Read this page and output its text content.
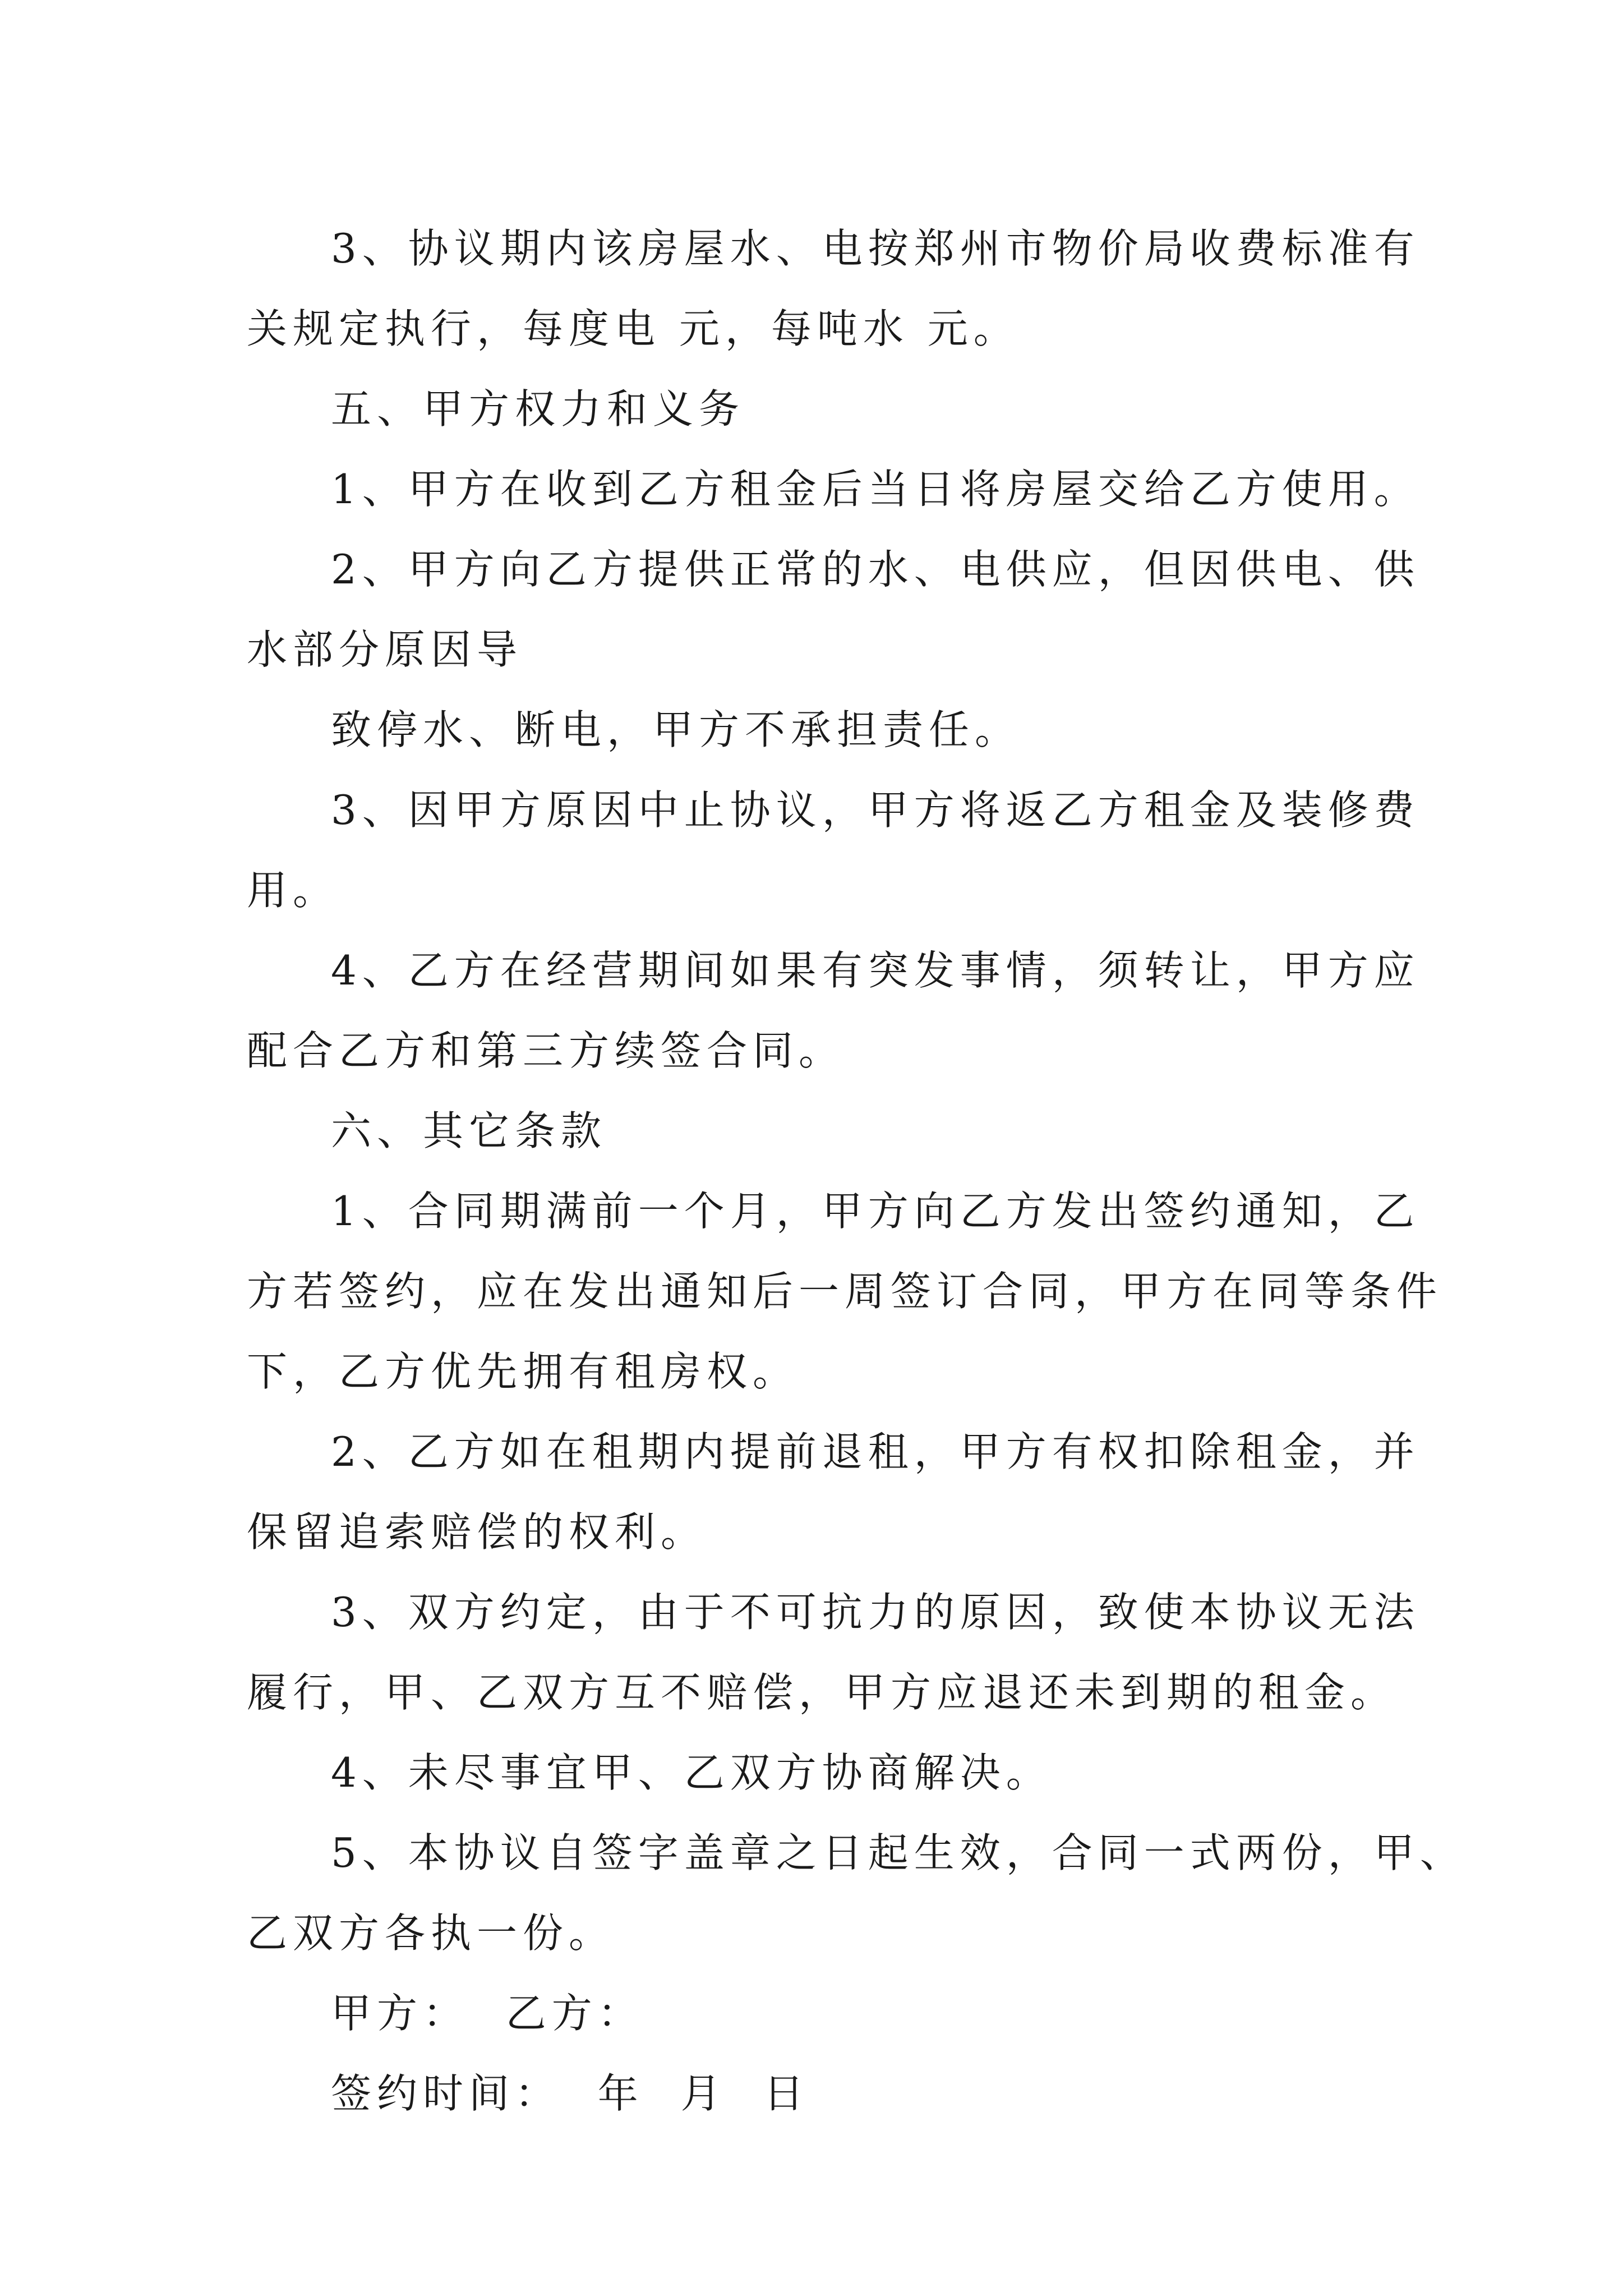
3、协议期内该房屋水、电按郑州市物价局收费标准有
关规定执行，每度电 元，每吨水 元。
五、甲方权力和义务
1、甲方在收到乙方租金后当日将房屋交给乙方使用。
2、甲方向乙方提供正常的水、电供应，但因供电、供
水部分原因导
致停水、断电，甲方不承担责任。
3、因甲方原因中止协议，甲方将返乙方租金及装修费
用。
4、乙方在经营期间如果有突发事情，须转让，甲方应
配合乙方和第三方续签合同。
六、其它条款
1、合同期满前一个月，甲方向乙方发出签约通知，乙
方若签约，应在发出通知后一周签订合同，甲方在同等条件
下，乙方优先拥有租房权。
2、乙方如在租期内提前退租，甲方有权扣除租金，并
保留追索赔偿的权利。
3、双方约定，由于不可抗力的原因，致使本协议无法
履行，甲、乙双方互不赔偿，甲方应退还未到期的租金。
4、未尽事宜甲、乙双方协商解决。
5、本协议自签字盖章之日起生效，合同一式两份，甲、
乙双方各执一份。
甲方：  乙方：
签约时间：  年  月  日
